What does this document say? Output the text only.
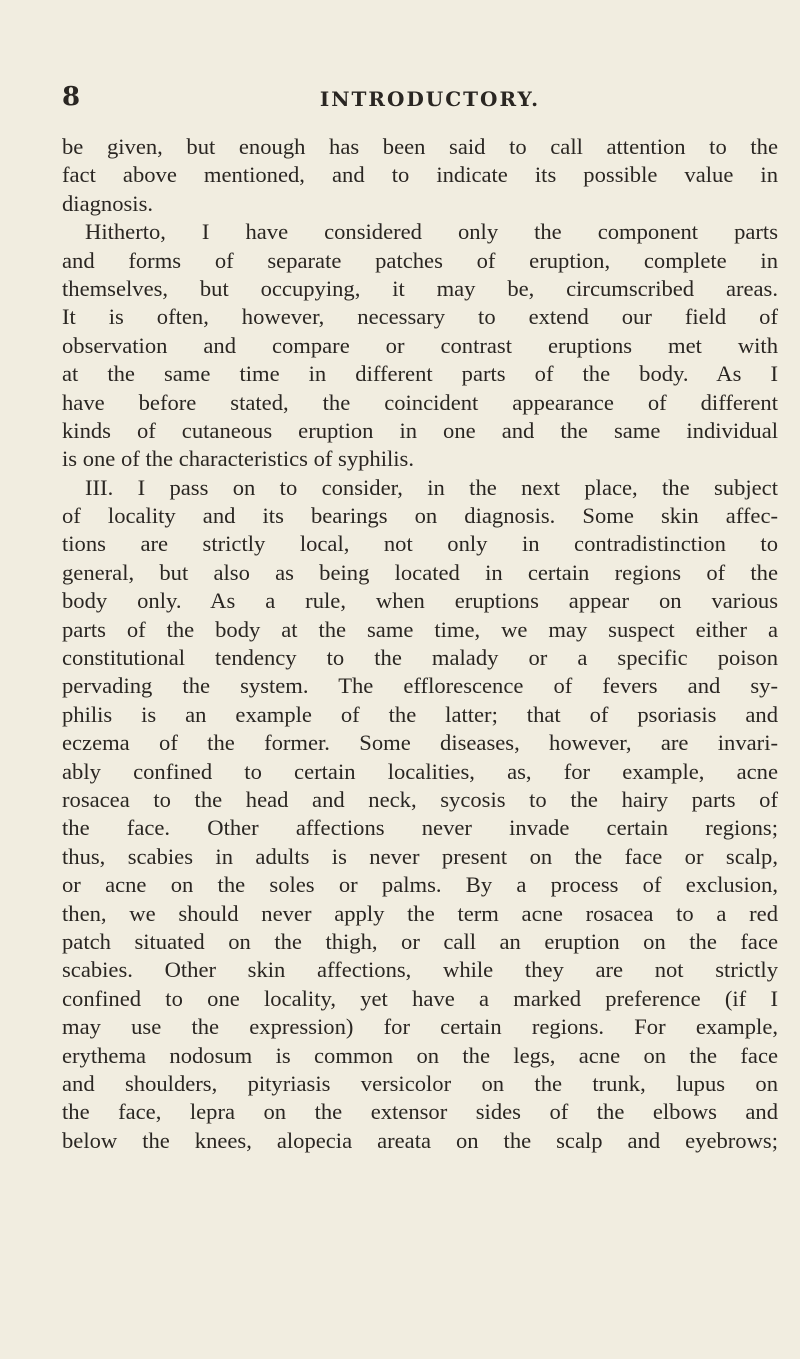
8	INTRODUCTORY.
be given, but enough has been said to call attention to the
fact above mentioned, and to indicate its possible value in
diagnosis.
Hitherto, I have considered only the component parts
and forms of separate patches of eruption, complete in
themselves, but occupying, it may be, circumscribed areas.
It is often, however, necessary to extend our field of
observation and compare or contrast eruptions met with
at the same time in different parts of the body. As I
have before stated, the coincident appearance of different
kinds of cutaneous eruption in one and the same individual
is one of the characteristics of syphilis.
III. I pass on to consider, in the next place, the subject
of locality and its bearings on diagnosis. Some skin affec-
tions are strictly local, not only in contradistinction to
general, but also as being located in certain regions of the
body only. As a rule, when eruptions appear on various
parts of the body at the same time, we may suspect either a
constitutional tendency to the malady or a specific poison
pervading the system. The efflorescence of fevers and sy-
philis is an example of the latter; that of psoriasis and
eczema of the former. Some diseases, however, are invari-
ably confined to certain localities, as, for example, acne
rosacea to the head and neck, sycosis to the hairy parts of
the face. Other affections never invade certain regions;
thus, scabies in adults is never present on the face or scalp,
or acne on the soles or palms. By a process of exclusion,
then, we should never apply the term acne rosacea to a red
patch situated on the thigh, or call an eruption on the face
scabies. Other skin affections, while they are not strictly
confined to one locality, yet have a marked preference (if I
may use the expression) for certain regions. For example,
erythema nodosum is common on the legs, acne on the face
and shoulders, pityriasis versicolor on the trunk, lupus on
the face, lepra on the extensor sides of the elbows and
below the knees, alopecia areata on the scalp and eyebrows;
